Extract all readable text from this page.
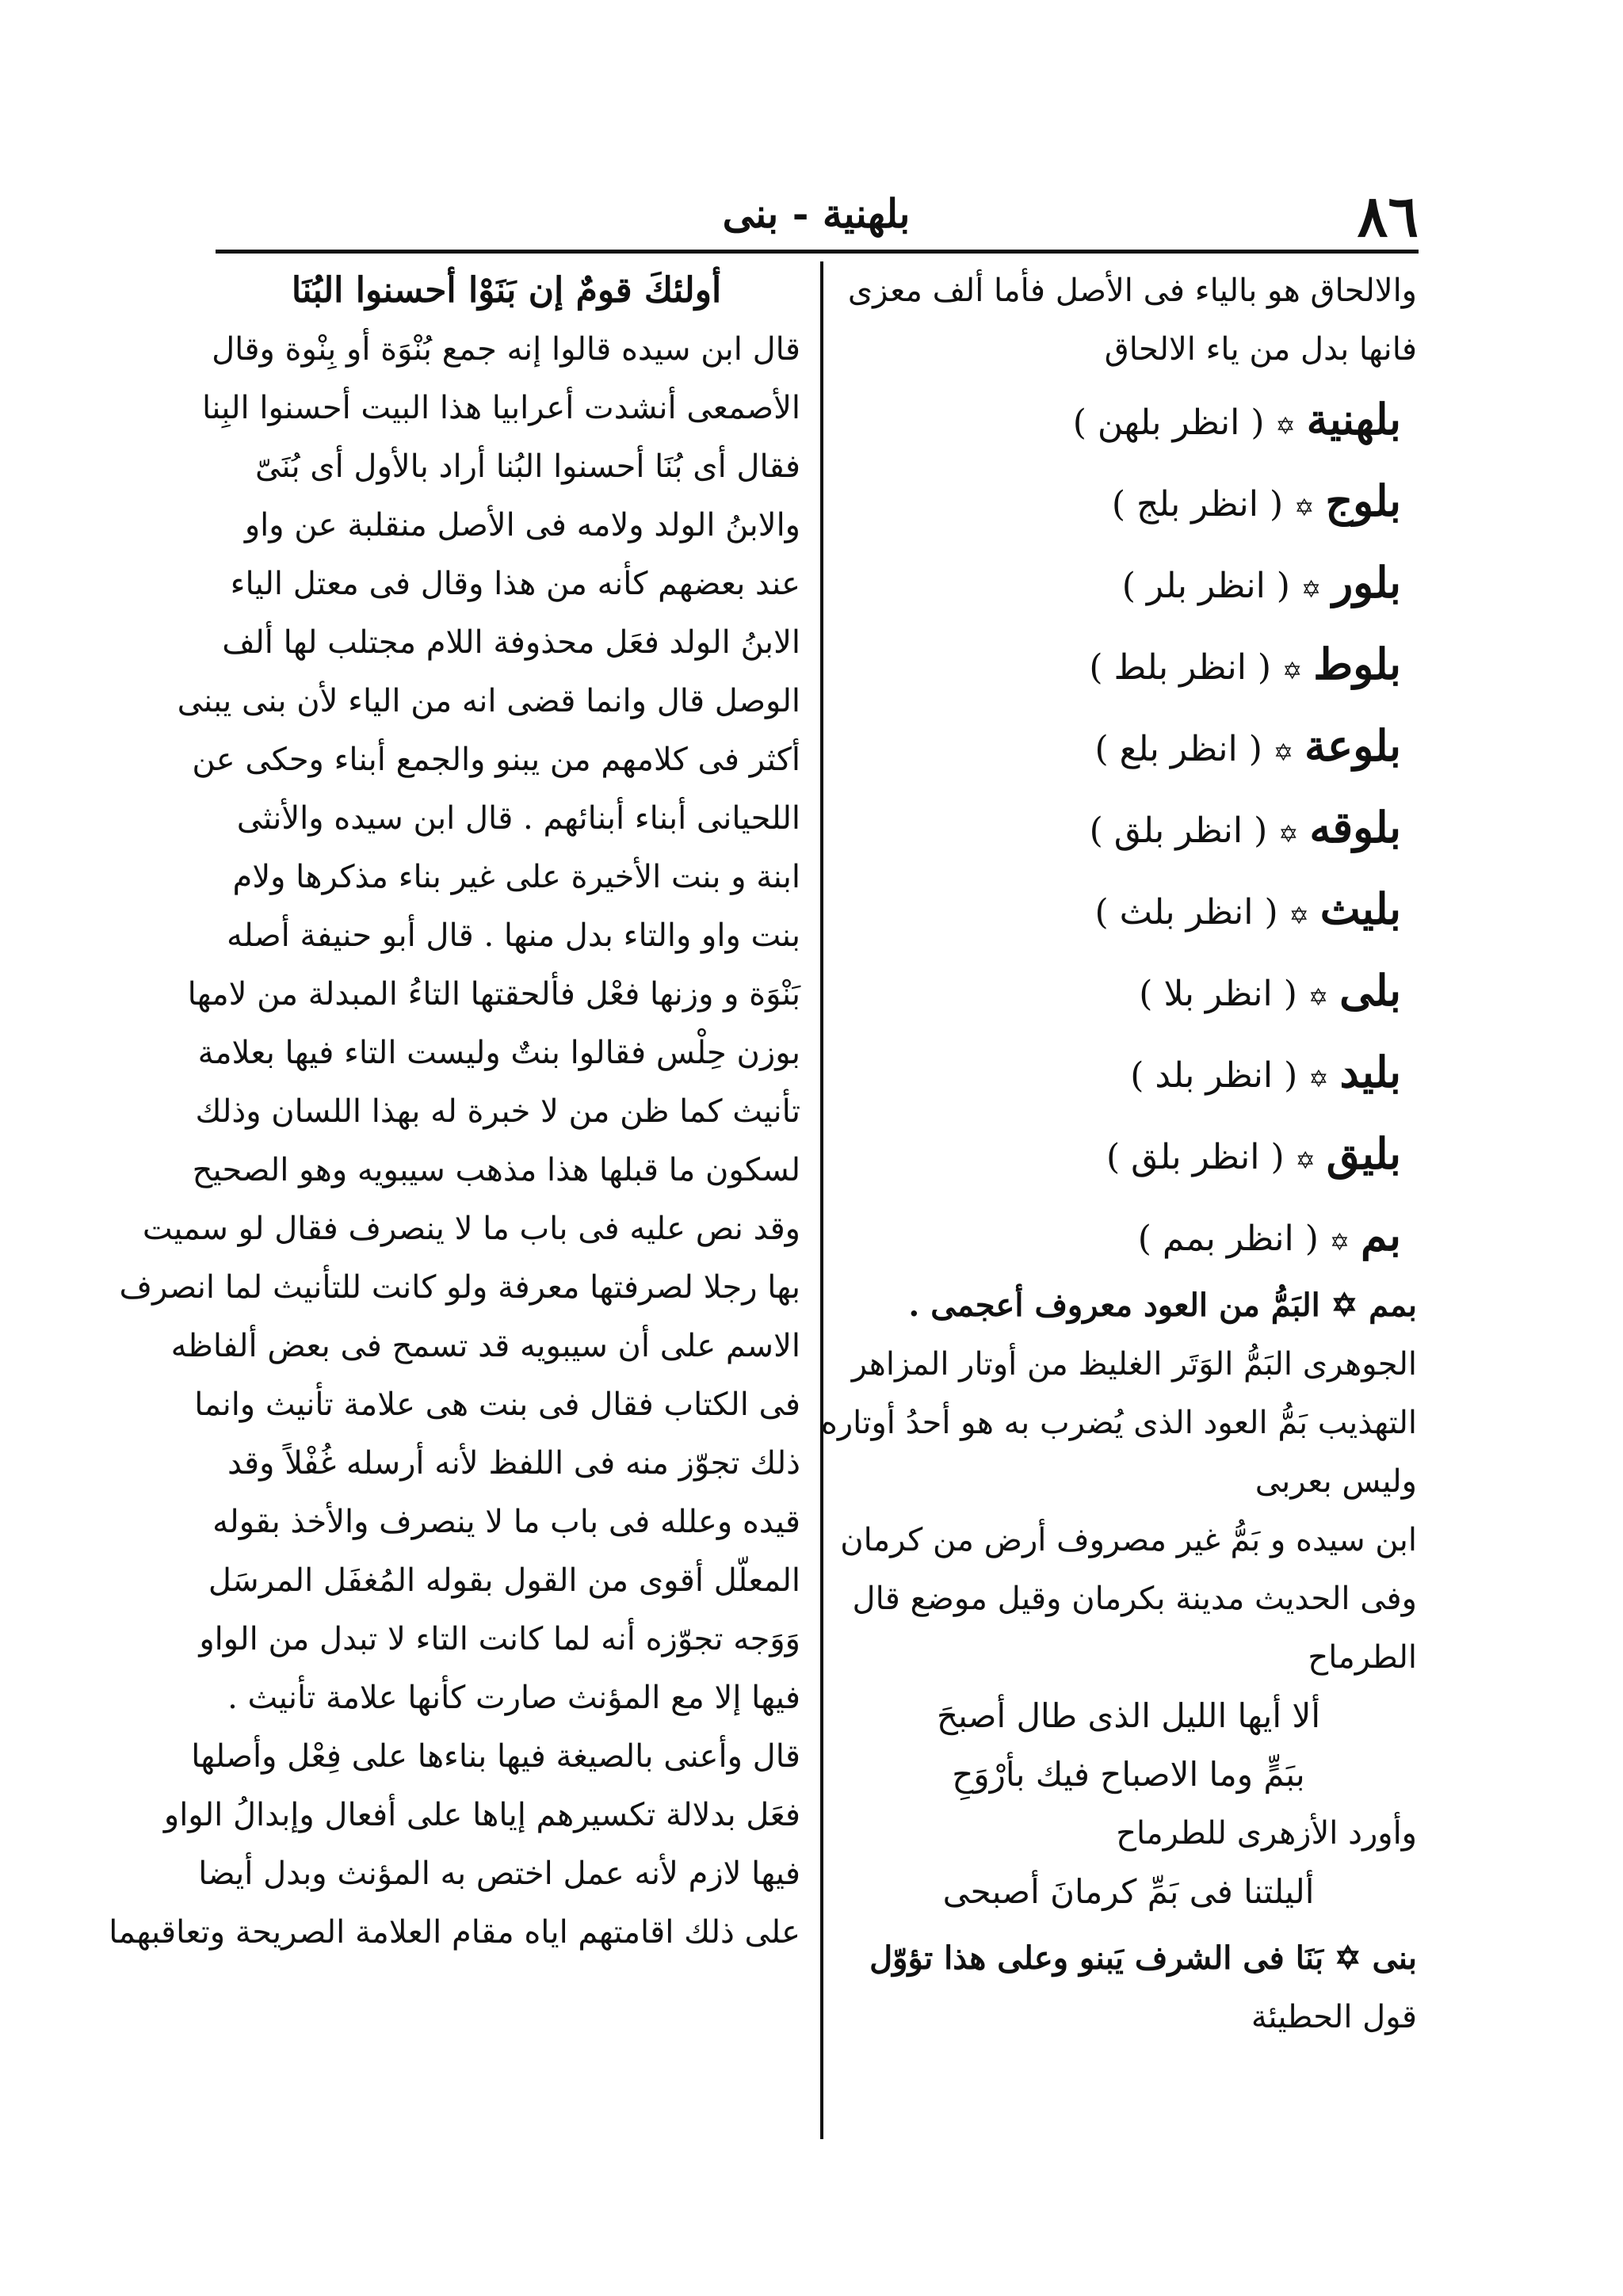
٨٦
بلهنية - بنى
والالحاق هو بالياء فى الأصل فأما ألف معزى
فانها بدل من ياء الالحاق
بلهنية✡( انظر بلهن )
بلوج✡( انظر بلج )
بلور✡( انظر بلر )
بلوط✡( انظر بلط )
بلوعة✡( انظر بلع )
بلوقه✡( انظر بلق )
بليث✡( انظر بلث )
بلى✡( انظر بلا )
بليد✡( انظر بلد )
بليق✡( انظر بلق )
بم✡( انظر بمم )
بمم ✡ البَمُّ من العود معروف أعجمى .
الجوهرى البَمُّ الوَتَر الغليظ من أوتار المزاهر
التهذيب بَمُّ العود الذى يُضرب به هو أحدُ أوتاره
وليس بعربى
ابن سيده و بَمُّ غير مصروف أرض من كرمان
وفى الحديث مدينة بكرمان وقيل موضع قال
الطرماح
ألا أيها الليل الذى طال أصبحَ
ببَمٍّ وما الاصباح فيك بأرْوَحِ
وأورد الأزهرى للطرماح
أليلتنا فى بَمِّ كرمانَ أصبحى
بنى ✡ بَنَا فى الشرف يَبنو وعلى هذا تؤوّل
قول الحطيئة
أولئكَ قومٌ إن بَنَوْا أحسنوا البُنَا
قال ابن سيده قالوا إنه جمع بُنْوَة أو بِنْوة وقال
الأصمعى أنشدت أعرابيا هذا البيت أحسنوا البِنا
فقال أى بُنَا أحسنوا البُنا أراد بالأول أى بُنَىّ
والابنُ الولد ولامه فى الأصل منقلبة عن واو
عند بعضهم كأنه من هذا وقال فى معتل الياء
الابنُ الولد فعَل محذوفة اللام مجتلب لها ألف
الوصل قال وانما قضى انه من الياء لأن بنى يبنى
أكثر فى كلامهم من يبنو والجمع أبناء وحكى عن
اللحيانى أبناء أبنائهم . قال ابن سيده والأنثى
ابنة و بنت الأخيرة على غير بناء مذكرها ولام
بنت واو والتاء بدل منها . قال أبو حنيفة أصله
بَنْوَة و وزنها فعْل فألحقتها التاءُ المبدلة من لامها
بوزن حِلْس فقالوا بنتٌ وليست التاء فيها بعلامة
تأنيث كما ظن من لا خبرة له بهذا اللسان وذلك
لسكون ما قبلها هذا مذهب سيبويه وهو الصحيح
وقد نص عليه فى باب ما لا ينصرف فقال لو سميت
بها رجلا لصرفتها معرفة ولو كانت للتأنيث لما انصرف
الاسم على أن سيبويه قد تسمح فى بعض ألفاظه
فى الكتاب فقال فى بنت هى علامة تأنيث وانما
ذلك تجوّز منه فى اللفظ لأنه أرسله غُفْلاً وقد
قيده وعلله فى باب ما لا ينصرف والأخذ بقوله
المعلّل أقوى من القول بقوله المُغفَل المرسَل
وَوَجه تجوّزه أنه لما كانت التاء لا تبدل من الواو
فيها إلا مع المؤنث صارت كأنها علامة تأنيث .
قال وأعنى بالصيغة فيها بناءها على فِعْل وأصلها
فعَل بدلالة تكسيرهم إياها على أفعال وإبدالُ الواو
فيها لازم لأنه عمل اختص به المؤنث وبدل أيضا
على ذلك اقامتهم اياه مقام العلامة الصريحة وتعاقبهما
